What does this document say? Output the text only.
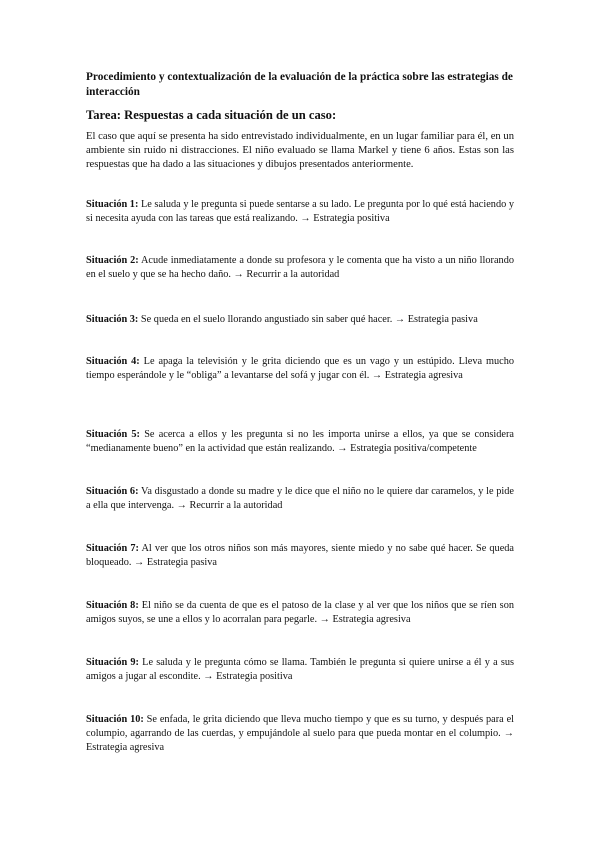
Procedimiento y contextualización de la evaluación de la práctica sobre las estrategias de interacción

Tarea: Respuestas a cada situación de un caso:

El caso que aquí se presenta ha sido entrevistado individualmente, en un lugar familiar para él, en un ambiente sin ruido ni distracciones. El niño evaluado se llama Markel y tiene 6 años. Estas son las respuestas que ha dado a las situaciones y dibujos presentados anteriormente.

Situación 1: Le saluda y le pregunta si puede sentarse a su lado. Le pregunta por lo qué está haciendo y si necesita ayuda con las tareas que está realizando. → Estrategia positiva

Situación 2: Acude inmediatamente a donde su profesora y le comenta que ha visto a un niño llorando en el suelo y que se ha hecho daño. → Recurrir a la autoridad

Situación 3: Se queda en el suelo llorando angustiado sin saber qué hacer. → Estrategia pasiva

Situación 4: Le apaga la televisión y le grita diciendo que es un vago y un estúpido. Lleva mucho tiempo esperándole y le “obliga” a levantarse del sofá y jugar con él. → Estrategia agresiva

Situación 5: Se acerca a ellos y les pregunta si no les importa unirse a ellos, ya que se considera “medianamente bueno” en la actividad que están realizando. → Estrategia positiva/competente

Situación 6: Va disgustado a donde su madre y le dice que el niño no le quiere dar caramelos, y le pide a ella que intervenga. → Recurrir a la autoridad

Situación 7: Al ver que los otros niños son más mayores, siente miedo y no sabe qué hacer. Se queda bloqueado. → Estrategia pasiva

Situación 8: El niño se da cuenta de que es el patoso de la clase y al ver que los niños que se ríen son amigos suyos, se une a ellos y lo acorralan para pegarle. → Estrategia agresiva

Situación 9: Le saluda y le pregunta cómo se llama. También le pregunta si quiere unirse a él y a sus amigos a jugar al escondite. → Estrategia positiva

Situación 10: Se enfada, le grita diciendo que lleva mucho tiempo y que es su turno, y después para el columpio, agarrando de las cuerdas, y empujándole al suelo para que pueda montar en el columpio. → Estrategia agresiva
